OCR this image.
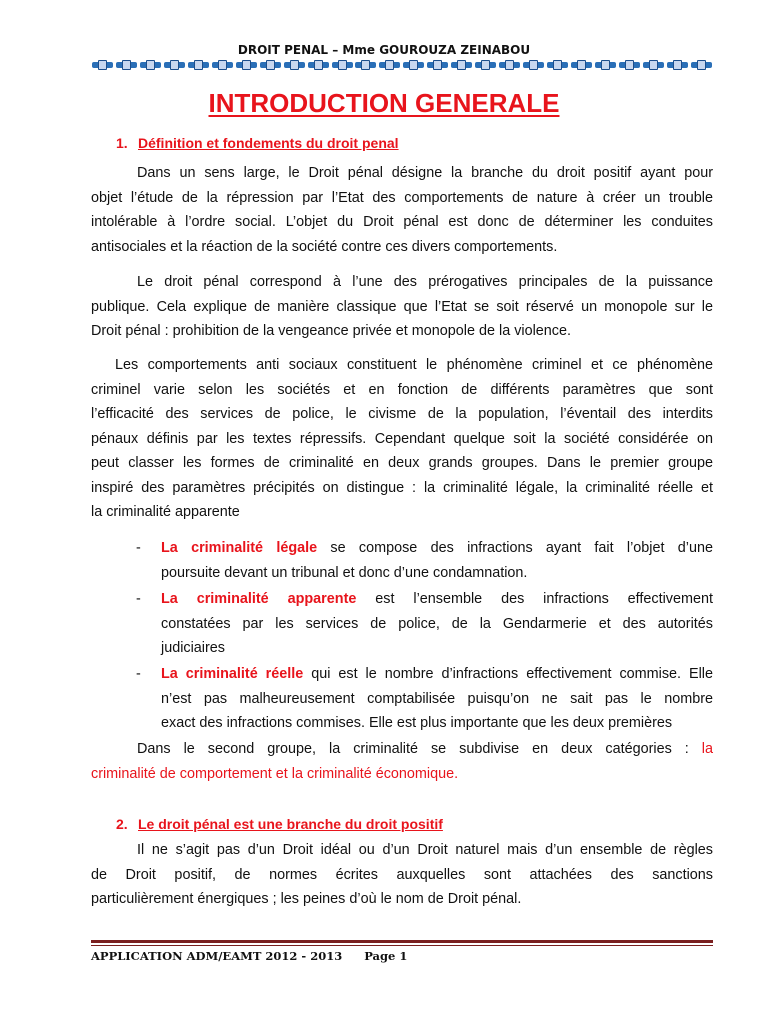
DROIT PENAL – Mme GOUROUZA ZEINABOU
INTRODUCTION GENERALE
1. Définition et fondements du droit penal
Dans un sens large, le Droit pénal désigne la branche du droit positif ayant pour
objet l’étude de la répression par l’Etat des comportements de nature à créer un trouble
intolérable à l’ordre social. L’objet du Droit pénal est donc de déterminer les conduites
antisociales et la réaction de la société contre ces divers comportements.
Le droit pénal correspond à l’une des prérogatives principales de la puissance
publique. Cela explique de manière classique que l’Etat se soit réservé un monopole sur le
Droit pénal : prohibition de la vengeance privée et monopole de la violence.
Les comportements anti sociaux constituent le phénomène criminel et ce phénomène
criminel varie selon les sociétés et en fonction de différents paramètres que sont
l’efficacité des services de police, le civisme de la population, l’éventail des interdits
pénaux définis par les textes répressifs. Cependant quelque soit la société considérée on
peut classer les formes de criminalité en deux grands groupes. Dans le premier groupe
inspiré des paramètres précipités on distingue : la criminalité légale, la criminalité réelle et
la criminalité apparente
- La criminalité légale se compose des infractions ayant fait l’objet d’une
poursuite devant un tribunal et donc d’une condamnation.
- La criminalité apparente est l’ensemble des infractions effectivement
constatées par les services de police, de la Gendarmerie et des autorités
judiciaires
- La criminalité réelle qui est le nombre d’infractions effectivement commise. Elle
n’est pas malheureusement comptabilisée puisqu’on ne sait pas le nombre
exact des infractions commises. Elle est plus importante que les deux premières
Dans le second groupe, la criminalité se subdivise en deux catégories : la
criminalité de comportement et la criminalité économique.
2. Le droit pénal est une branche du droit positif
Il ne s’agit pas d’un Droit idéal ou d’un Droit naturel mais d’un ensemble de règles
de Droit positif, de normes écrites auxquelles sont attachées des sanctions
particulièrement énergiques ; les peines d’où le nom de Droit pénal.
APPLICATION ADM/EAMT 2012 - 2013 Page 1
